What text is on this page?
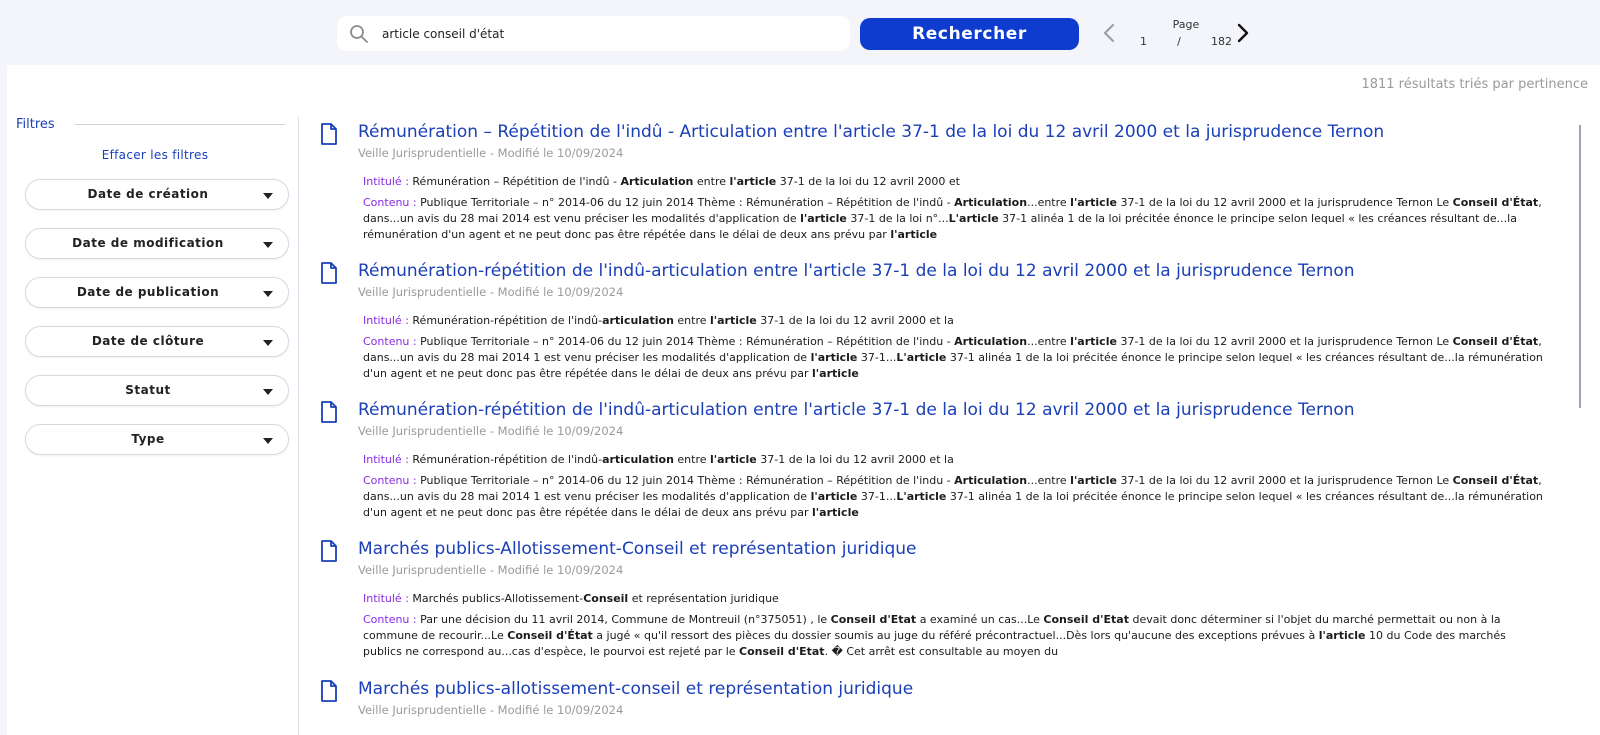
article conseil d'état
Rechercher	Page
1	/	182
1811 résultats triés par pertinence
Filtres
Effacer les filtres
Date de création
Date de modification
Date de publication
Date de clôture
Statut
Type
Rémunération – Répétition de l'indû - Articulation entre l'article 37-1 de la loi du 12 avril 2000 et la jurisprudence Ternon
Veille Jurisprudentielle - Modifié le 10/09/2024
Intitulé : Rémunération – Répétition de l'indû - Articulation entre l'article 37-1 de la loi du 12 avril 2000 et
Contenu : Publique Territoriale – n° 2014-06 du 12 juin 2014 Thème : Rémunération – Répétition de l'indû - Articulation...entre l'article 37-1 de la loi du 12 avril 2000 et la jurisprudence Ternon Le Conseil d'État, dans...un avis du 28 mai 2014 est venu préciser les modalités d'application de l'article 37-1 de la loi n°...L'article 37-1 alinéa 1 de la loi précitée énonce le principe selon lequel « les créances résultant de...la rémunération d'un agent et ne peut donc pas être répétée dans le délai de deux ans prévu par l'article
Rémunération-répétition de l'indû-articulation entre l'article 37-1 de la loi du 12 avril 2000 et la jurisprudence Ternon
Veille Jurisprudentielle - Modifié le 10/09/2024
Intitulé : Rémunération-répétition de l'indû-articulation entre l'article 37-1 de la loi du 12 avril 2000 et la
Contenu : Publique Territoriale – n° 2014-06 du 12 juin 2014 Thème : Rémunération – Répétition de l'indu - Articulation...entre l'article 37-1 de la loi du 12 avril 2000 et la jurisprudence Ternon Le Conseil d'État, dans...un avis du 28 mai 2014 1 est venu préciser les modalités d'application de l'article 37-1...L'article 37-1 alinéa 1 de la loi précitée énonce le principe selon lequel « les créances résultant de...la rémunération d'un agent et ne peut donc pas être répétée dans le délai de deux ans prévu par l'article
Rémunération-répétition de l'indû-articulation entre l'article 37-1 de la loi du 12 avril 2000 et la jurisprudence Ternon
Veille Jurisprudentielle - Modifié le 10/09/2024
Intitulé : Rémunération-répétition de l'indû-articulation entre l'article 37-1 de la loi du 12 avril 2000 et la
Contenu : Publique Territoriale – n° 2014-06 du 12 juin 2014 Thème : Rémunération – Répétition de l'indu - Articulation...entre l'article 37-1 de la loi du 12 avril 2000 et la jurisprudence Ternon Le Conseil d'État, dans...un avis du 28 mai 2014 1 est venu préciser les modalités d'application de l'article 37-1...L'article 37-1 alinéa 1 de la loi précitée énonce le principe selon lequel « les créances résultant de...la rémunération d'un agent et ne peut donc pas être répétée dans le délai de deux ans prévu par l'article
Marchés publics-Allotissement-Conseil et représentation juridique
Veille Jurisprudentielle - Modifié le 10/09/2024
Intitulé : Marchés publics-Allotissement-Conseil et représentation juridique
Contenu : Par une décision du 11 avril 2014, Commune de Montreuil (n°375051) , le Conseil d'Etat a examiné un cas...Le Conseil d'Etat devait donc déterminer si l'objet du marché permettait ou non à la commune de recourir...Le Conseil d'État a jugé « qu'il ressort des pièces du dossier soumis au juge du référé précontractuel...Dès lors qu'aucune des exceptions prévues à l'article 10 du Code des marchés publics ne correspond au...cas d'espèce, le pourvoi est rejeté par le Conseil d'Etat. � Cet arrêt est consultable au moyen du
Marchés publics-allotissement-conseil et représentation juridique
Veille Jurisprudentielle - Modifié le 10/09/2024
